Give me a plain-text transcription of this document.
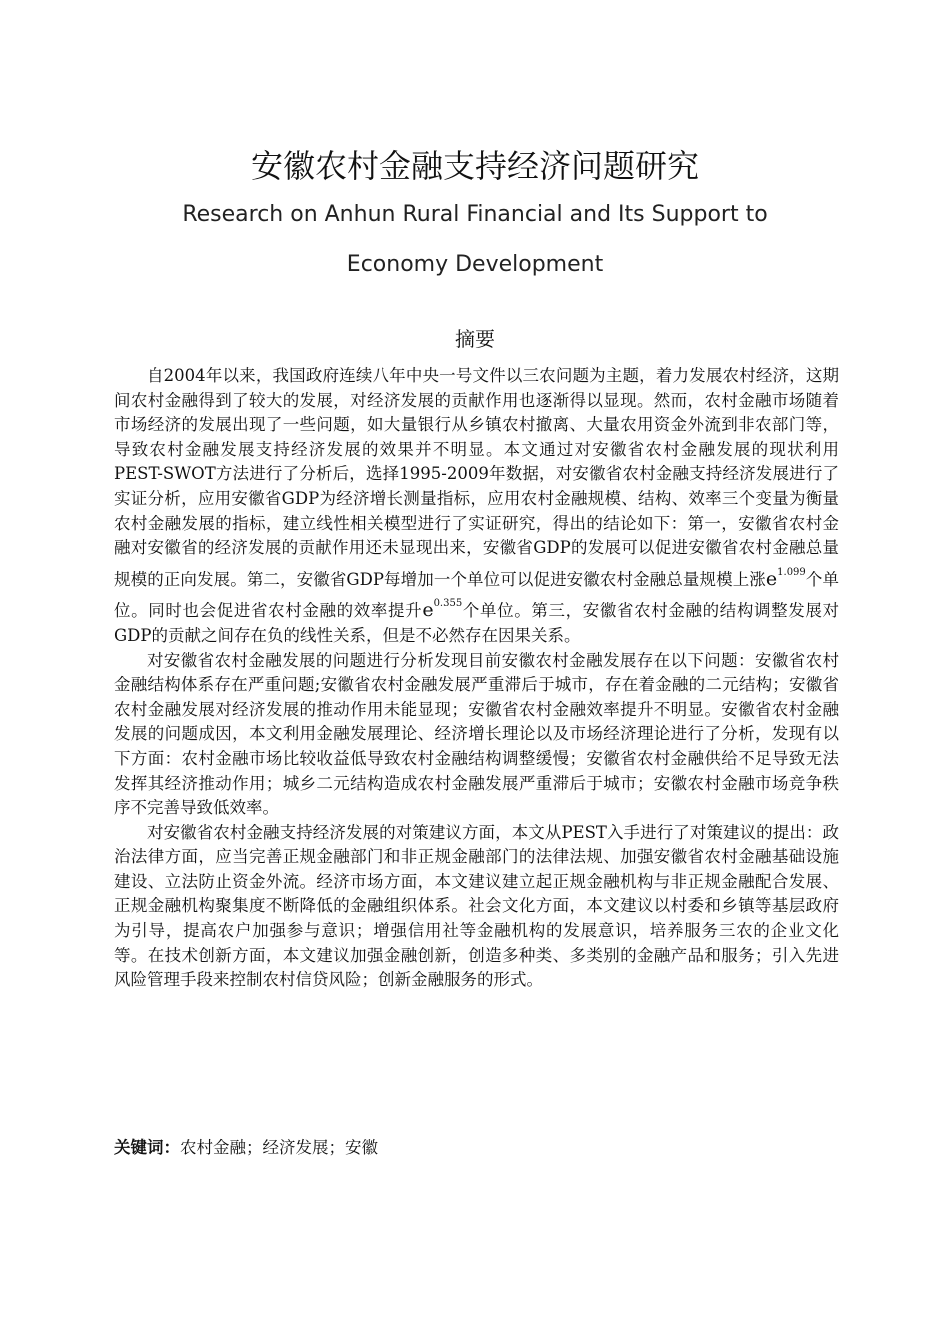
安徽农村金融支持经济问题研究
Research on Anhun Rural Financial and Its Support to Economy Development
摘要

自2004年以来，我国政府连续八年中央一号文件以三农问题为主题，着力发展农村经济，这期间农村金融得到了较大的发展，对经济发展的贡献作用也逐渐得以显现。然而，农村金融市场随着市场经济的发展出现了一些问题，如大量银行从乡镇农村撤离、大量农用资金外流到非农部门等，导致农村金融发展支持经济发展的效果并不明显。本文通过对安徽省农村金融发展的现状利用PEST-SWOT方法进行了分析后，选择1995-2009年数据，对安徽省农村金融支持经济发展进行了实证分析，应用安徽省GDP为经济增长测量指标，应用农村金融规模、结构、效率三个变量为衡量农村金融发展的指标，建立线性相关模型进行了实证研究，得出的结论如下：第一，安徽省农村金融对安徽省的经济发展的贡献作用还未显现出来，安徽省GDP的发展可以促进安徽省农村金融总量规模的正向发展。第二，安徽省GDP每增加一个单位可以促进安徽农村金融总量规模上涨$e^{1.099}$个单位。同时也会促进省农村金融的效率提升$e^{0.355}$个单位。第三，安徽省农村金融的结构调整发展对GDP的贡献之间存在负的线性关系，但是不必然存在因果关系。

对安徽省农村金融发展的问题进行分析发现目前安徽农村金融发展存在以下问题：安徽省农村金融结构体系存在严重问题;安徽省农村金融发展严重滞后于城市，存在着金融的二元结构；安徽省农村金融发展对经济发展的推动作用未能显现；安徽省农村金融效率提升不明显。安徽省农村金融发展的问题成因，本文利用金融发展理论、经济增长理论以及市场经济理论进行了分析，发现有以下方面：农村金融市场比较收益低导致农村金融结构调整缓慢；安徽省农村金融供给不足导致无法发挥其经济推动作用；城乡二元结构造成农村金融发展严重滞后于城市；安徽农村金融市场竞争秩序不完善导致低效率。

对安徽省农村金融支持经济发展的对策建议方面，本文从PEST入手进行了对策建议的提出：政治法律方面，应当完善正规金融部门和非正规金融部门的法律法规、加强安徽省农村金融基础设施建设、立法防止资金外流。经济市场方面，本文建议建立起正规金融机构与非正规金融配合发展、正规金融机构聚集度不断降低的金融组织体系。社会文化方面，本文建议以村委和乡镇等基层政府为引导，提高农户加强参与意识；增强信用社等金融机构的发展意识，培养服务三农的企业文化等。在技术创新方面，本文建议加强金融创新，创造多种类、多类别的金融产品和服务；引入先进风险管理手段来控制农村信贷风险；创新金融服务的形式。

关键词：农村金融；经济发展；安徽
